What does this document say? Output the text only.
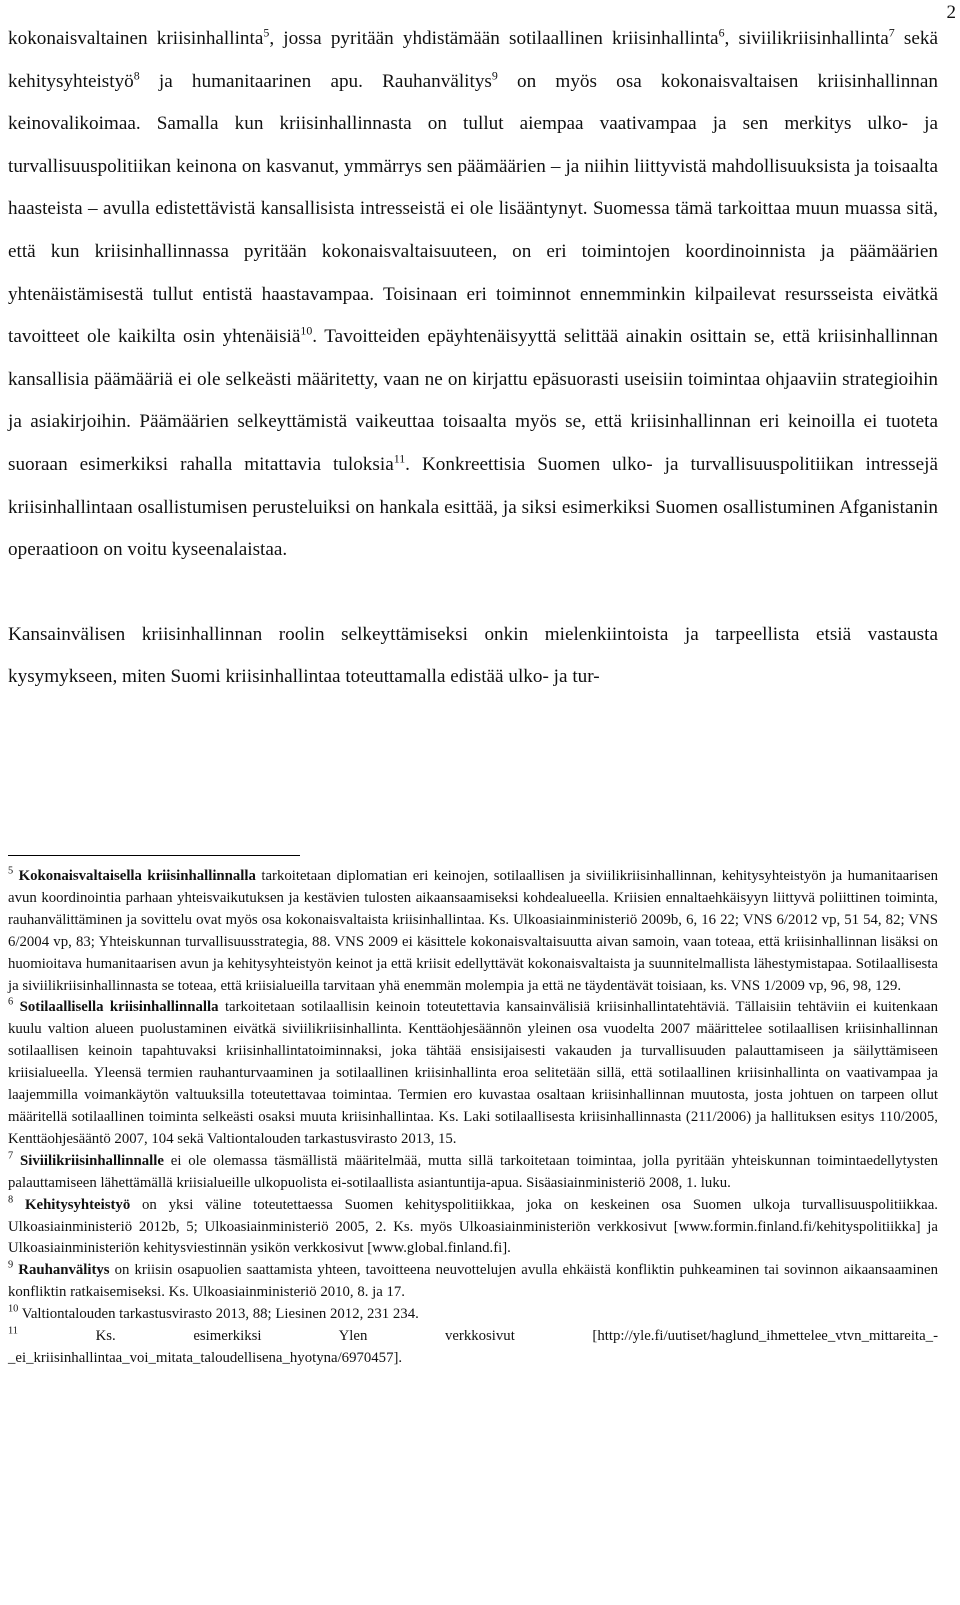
2

kokonaisvaltainen kriisinhallinta$^5$, jossa pyritään yhdistämään sotilaallinen kriisinhallinta$^6$, siviilikriisinhallinta$^7$ sekä kehitysyhteistyö$^8$ ja humanitaarinen apu. Rauhanvälitys$^9$ on myös osa kokonaisvaltaisen kriisinhallinnan keinovalikoimaa. Samalla kun kriisinhallinnasta on tullut aiempaa vaativampaa ja sen merkitys ulko- ja turvallisuuspolitiikan keinona on kasvanut, ymmärrys sen päämäärien – ja niihin liittyvistä mahdollisuuksista ja toisaalta haasteista – avulla edistettävistä kansallisista intresseistä ei ole lisääntynyt. Suomessa tämä tarkoittaa muun muassa sitä, että kun kriisinhallinnassa pyritään kokonaisvaltaisuuteen, on eri toimintojen koordinoinnista ja päämäärien yhtenäistämisestä tullut entistä haastavampaa. Toisinaan eri toiminnot ennemminkin kilpailevat resursseista eivätkä tavoitteet ole kaikilta osin yhtenäisiä$^{10}$. Tavoitteiden epäyhtenäisyyttä selittää ainakin osittain se, että kriisinhallinnan kansallisia päämääriä ei ole selkeästi määritetty, vaan ne on kirjattu epäsuorasti useisiin toimintaa ohjaaviin strategioihin ja asiakirjoihin. Päämäärien selkeyttämistä vaikeuttaa toisaalta myös se, että kriisinhallinnan eri keinoilla ei tuoteta suoraan esimerkiksi rahalla mitattavia tuloksia$^{11}$. Konkreettisia Suomen ulko- ja turvallisuuspolitiikan intressejä kriisinhallintaan osallistumisen perusteluiksi on hankala esittää, ja siksi esimerkiksi Suomen osallistuminen Afganistanin operaatioon on voitu kyseenalaistaa.

Kansainvälisen kriisinhallinnan roolin selkeyttämiseksi onkin mielenkiintoista ja tarpeellista etsiä vastausta kysymykseen, miten Suomi kriisinhallintaa toteuttamalla edistää ulko- ja tur-

$^5$ Kokonaisvaltaisella kriisinhallinnalla tarkoitetaan diplomatian eri keinojen, sotilaallisen ja siviilikriisinhallinnan, kehitysyhteistyön ja humanitaarisen avun koordinointia parhaan yhteisvaikutuksen ja kestävien tulosten aikaansaamiseksi kohdealueella. Kriisien ennaltaehkäisyyn liittyvä poliittinen toiminta, rauhanvälittäminen ja sovittelu ovat myös osa kokonaisvaltaista kriisinhallintaa. Ks. Ulkoasiainministeriö 2009b, 6, 16 22; VNS 6/2012 vp, 51 54, 82; VNS 6/2004 vp, 83; Yhteiskunnan turvallisuusstrategia, 88. VNS 2009 ei käsittele kokonaisvaltaisuutta aivan samoin, vaan toteaa, että kriisinhallinnan lisäksi on huomioitava humanitaarisen avun ja kehitysyhteistyön keinot ja että kriisit edellyttävät kokonaisvaltaista ja suunnitelmallista lähestymistapaa. Sotilaallisesta ja siviilikriisinhallinnasta se toteaa, että kriisialueilla tarvitaan yhä enemmän molempia ja että ne täydentävät toisiaan, ks. VNS 1/2009 vp, 96, 98, 129.

$^6$ Sotilaallisella kriisinhallinnalla tarkoitetaan sotilaallisin keinoin toteutettavia kansainvälisiä kriisinhallintatehtäviä. Tällaisiin tehtäviin ei kuitenkaan kuulu valtion alueen puolustaminen eivätkä siviilikriisinhallinta. Kenttäohjesäännön yleinen osa vuodelta 2007 määrittelee sotilaallisen kriisinhallinnan sotilaallisen keinoin tapahtuvaksi kriisinhallintatoiminnaksi, joka tähtää ensisijaisesti vakauden ja turvallisuuden palauttamiseen ja säilyttämiseen kriisialueella. Yleensä termien rauhanturvaaminen ja sotilaallinen kriisinhallinta eroa selitetään sillä, että sotilaallinen kriisinhallinta on vaativampaa ja laajemmilla voimankäytön valtuuksilla toteutettavaa toimintaa. Termien ero kuvastaa osaltaan kriisinhallinnan muutosta, josta johtuen on tarpeen ollut määritellä sotilaallinen toiminta selkeästi osaksi muuta kriisinhallintaa. Ks. Laki sotilaallisesta kriisinhallinnasta (211/2006) ja hallituksen esitys 110/2005, Kenttäohjesääntö 2007, 104 sekä Valtiontalouden tarkastusvirasto 2013, 15.

$^7$ Siviilikriisinhallinnalle ei ole olemassa täsmällistä määritelmää, mutta sillä tarkoitetaan toimintaa, jolla pyritään yhteiskunnan toimintaedellytysten palauttamiseen lähettämällä kriisialueille ulkopuolista ei-sotilaallista asiantuntija-apua. Sisäasiainministeriö 2008, 1. luku.

$^8$ Kehitysyhteistyö on yksi väline toteutettaessa Suomen kehityspolitiikkaa, joka on keskeinen osa Suomen ulkoja turvallisuuspolitiikkaa. Ulkoasiainministeriö 2012b, 5; Ulkoasiainministeriö 2005, 2. Ks. myös Ulkoasiainministeriön verkkosivut [www.formin.finland.fi/kehityspolitiikka] ja Ulkoasiainministeriön kehitysviestinnän ysikön verkkosivut [www.global.finland.fi].

$^9$ Rauhanvälitys on kriisin osapuolien saattamista yhteen, tavoitteena neuvottelujen avulla ehkäistä konfliktin puhkeaminen tai sovinnon aikaansaaminen konfliktin ratkaisemiseksi. Ks. Ulkoasiainministeriö 2010, 8. ja 17.

$^{10}$ Valtiontalouden tarkastusvirasto 2013, 88; Liesinen 2012, 231 234.

$^{11}$ Ks. esimerkiksi Ylen verkkosivut [http://yle.fi/uutiset/haglund_ihmettelee_vtvn_mittareita_-_ei_kriisinhallintaa_voi_mitata_taloudellisena_hyotyna/6970457].
